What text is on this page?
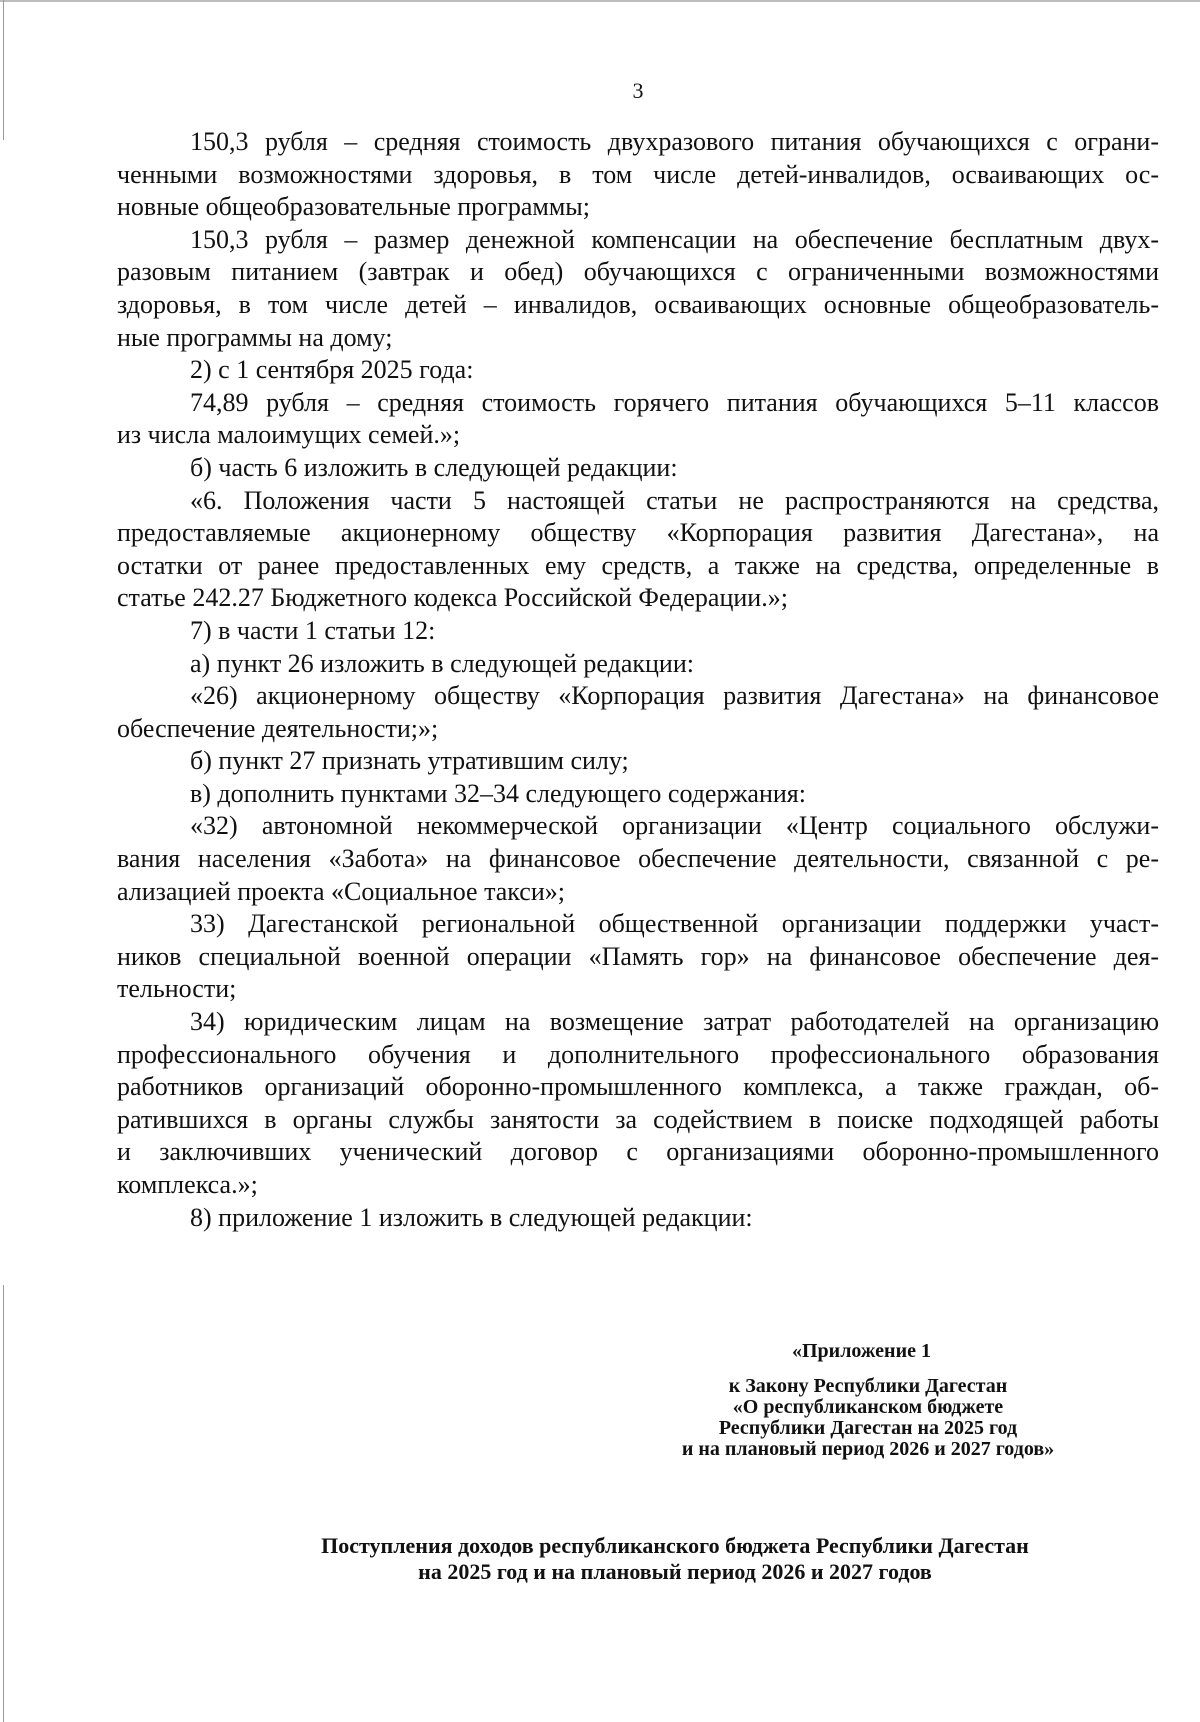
3
150,3 рубля – средняя стоимость двухразового питания обучающихся с ограни-
ченными возможностями здоровья, в том числе детей-инвалидов, осваивающих ос-
новные общеобразовательные программы;
150,3 рубля – размер денежной компенсации на обеспечение бесплатным двух-
разовым питанием (завтрак и обед) обучающихся с ограниченными возможностями
здоровья, в том числе детей – инвалидов, осваивающих основные общеобразователь-
ные программы на дому;
2) с 1 сентября 2025 года:
74,89 рубля – средняя стоимость горячего питания обучающихся 5–11 классов
из числа малоимущих семей.»;
б) часть 6 изложить в следующей редакции:
«6. Положения части 5 настоящей статьи не распространяются на средства,
предоставляемые акционерному обществу «Корпорация развития Дагестана», на
остатки от ранее предоставленных ему средств, а также на средства, определенные в
статье 242.27 Бюджетного кодекса Российской Федерации.»;
7) в части 1 статьи 12:
а) пункт 26 изложить в следующей редакции:
«26) акционерному обществу «Корпорация развития Дагестана» на финансовое
обеспечение деятельности;»;
б) пункт 27 признать утратившим силу;
в) дополнить пунктами 32–34 следующего содержания:
«32) автономной некоммерческой организации «Центр социального обслужи-
вания населения «Забота» на финансовое обеспечение деятельности, связанной с ре-
ализацией проекта «Социальное такси»;
33) Дагестанской региональной общественной организации поддержки участ-
ников специальной военной операции «Память гор» на финансовое обеспечение дея-
тельности;
34) юридическим лицам на возмещение затрат работодателей на организацию
профессионального обучения и дополнительного профессионального образования
работников организаций оборонно-промышленного комплекса, а также граждан, об-
ратившихся в органы службы занятости за содействием в поиске подходящей работы
и заключивших ученический договор с организациями оборонно-промышленного
комплекса.»;
8) приложение 1 изложить в следующей редакции:
«Приложение 1
к Закону Республики Дагестан
«О республиканском бюджете
Республики Дагестан на 2025 год
и на плановый период 2026 и 2027 годов»
Поступления доходов республиканского бюджета Республики Дагестан
на 2025 год и на плановый период 2026 и 2027 годов
